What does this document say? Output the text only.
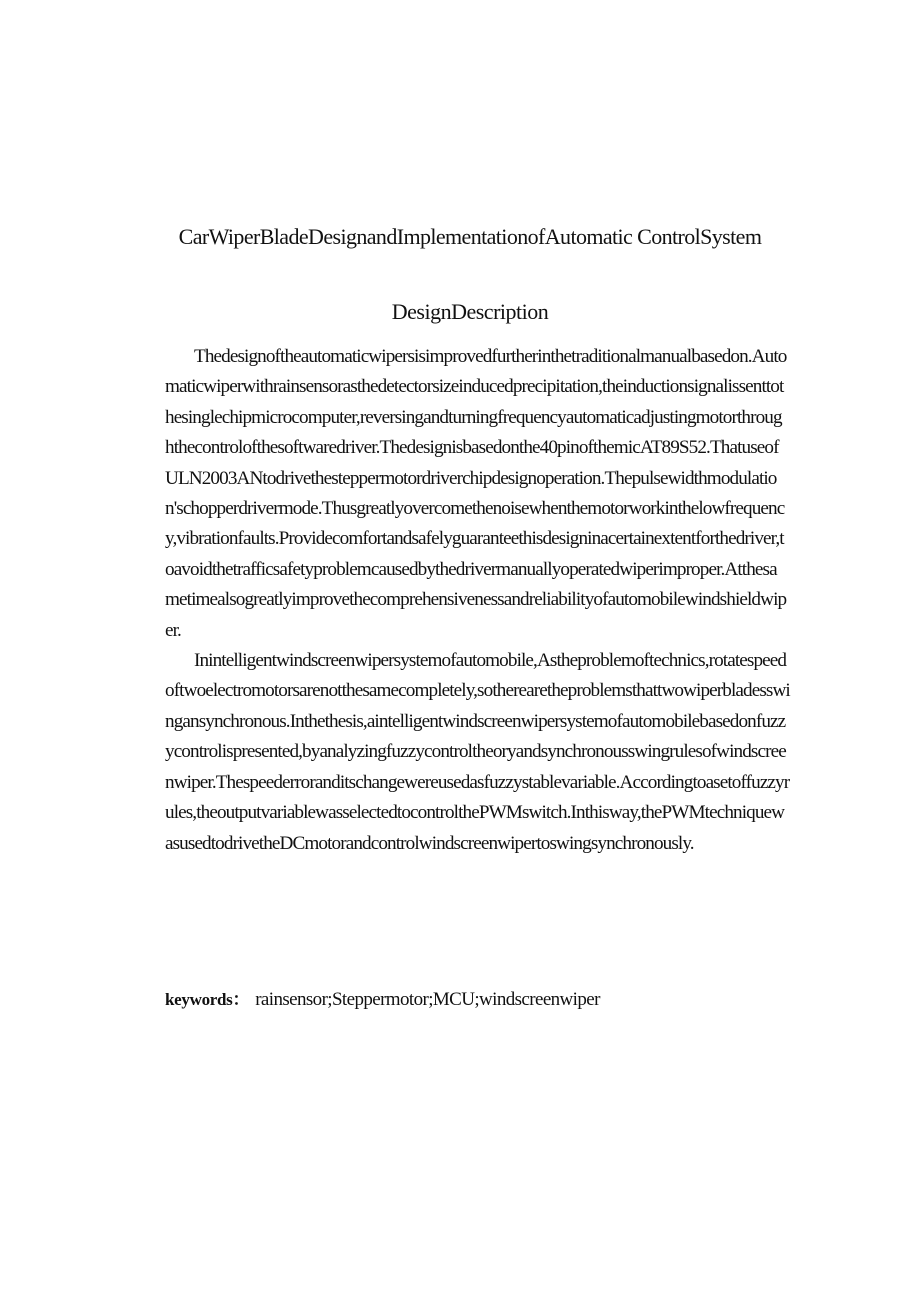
CarWiperBladeDesignandImplementationofAutomatic ControlSystem
DesignDescription

Thedesignoftheautomaticwipersisimprovedfurtherinthetraditionalmanualbasedon.Automaticwiperwithrainsensorasthedetectorsizeinducedprecipitation,theinductionsignalissenttothesinglechipmicrocomputer,reversingandturningfrequencyautomaticadjustingmotorthroughthecontrolofthesoftwaredriver.Thedesignisbasedonthe40pinofthemicAT89S52.ThatuseofULN2003ANtodrivethesteppermotordriverchipdesignoperation.Thepulsewidthmodulation'schopperdrivermode.Thusgreatlyovercomethenoisewhenthemotorworkinthelowfrequency,vibrationfaults.Providecomfortandsafelyguaranteethisdesigninacertainextentforthedriver,toavoidthetrafficsafetyproblemcausedbythedrivermanuallyoperatedwiperimproper.Atthesametimealsogreatlyimprovethecomprehensivenessandreliabilityofautomobilewindshieldwiper.

Inintelligentwindscreenwipersystemofautomobile,Astheproblemoftechnics,rotatespeedoftwoelectromotorsarenotthesamecompletely,sotherearetheproblemsthattwowiperbladesswingansynchronous.Inthethesis,aintelligentwindscreenwipersystemofautomobilebasedonfuzzycontrolispresented,byanalyzingfuzzycontroltheoryandsynchronousswingrulesofwindscreenwiper.Thespeederroranditschangewereusedasfuzzystablevariable.Accordingtoasetoffuzzyrules,theoutputvariablewasselectedtocontrolthePWMswitch.Inthisway,thePWMtechniquewasusedtodrivetheDCmotorandcontrolwindscreenwipertoswingsynchronously.

keywords： rainsensor;Steppermotor;MCU;windscreenwiper
